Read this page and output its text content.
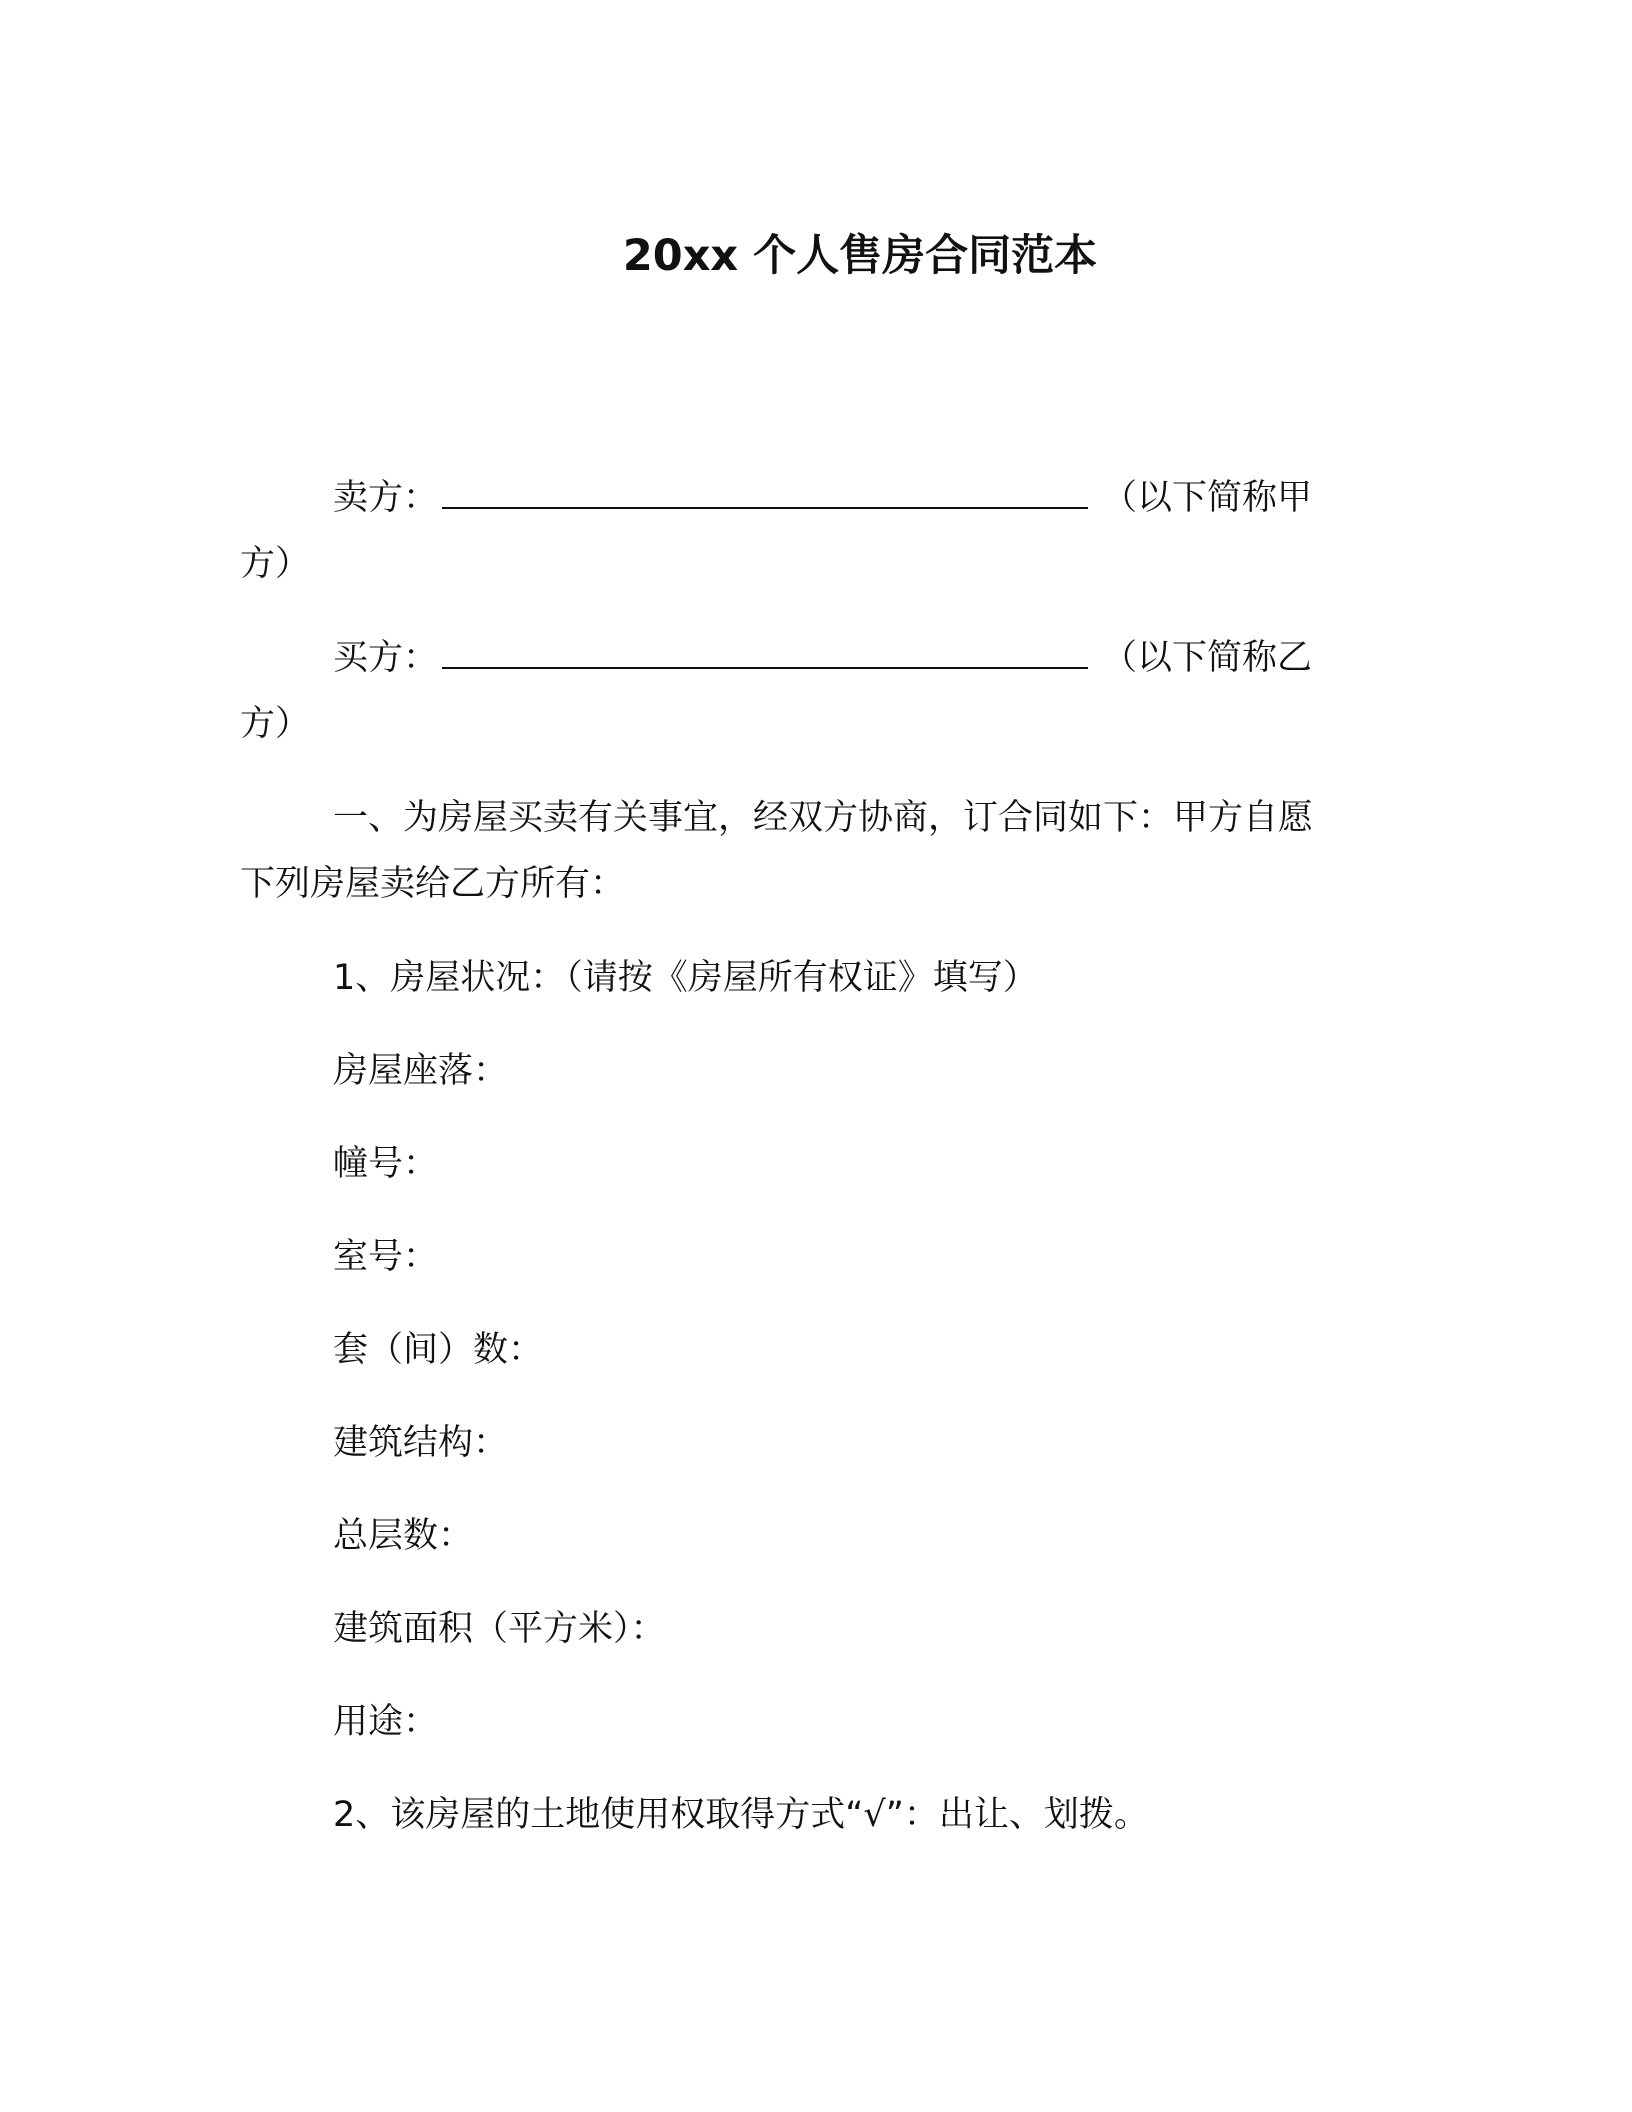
20xx 个人售房合同范本
卖方：	（以下简称甲
方）
买方：	（以下简称乙
方）
一、为房屋买卖有关事宜，经双方协商，订合同如下：甲方自愿
下列房屋卖给乙方所有：
1、房屋状况：（请按《房屋所有权证》填写）
房屋座落：
幢号：
室号：
套（间）数：
建筑结构：
总层数：
建筑面积（平方米）：
用途：
2、该房屋的土地使用权取得方式“√”：出让、划拨。
